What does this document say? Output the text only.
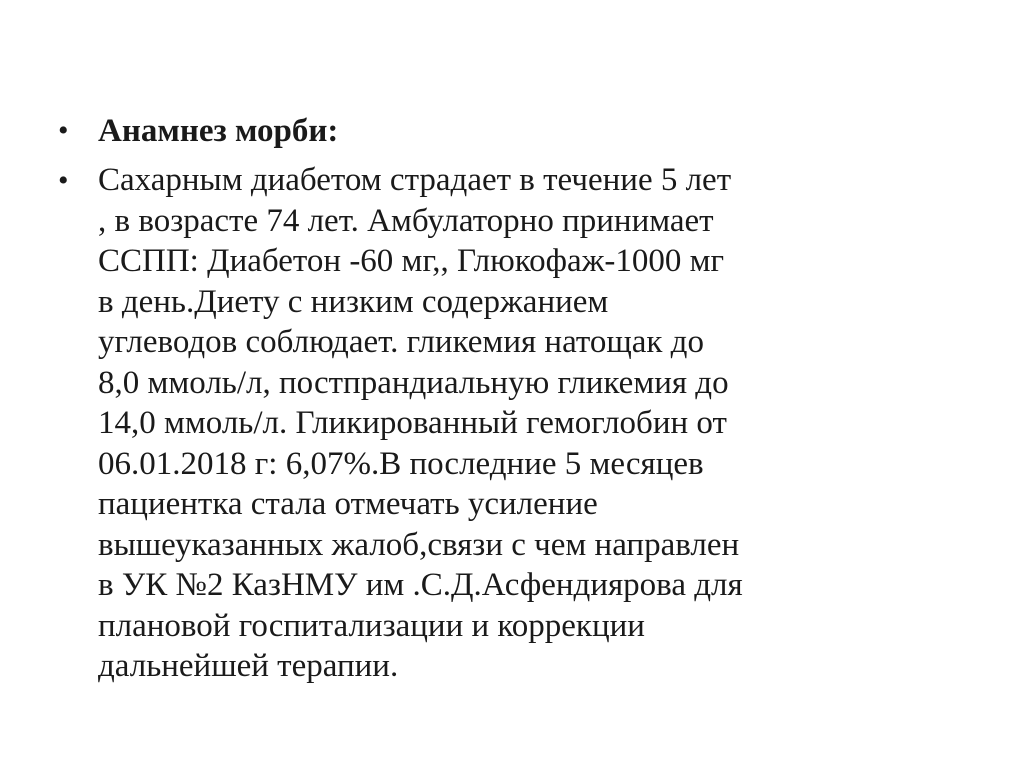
• Анамнез морби:
• Сахарным диабетом страдает в течение 5 лет
, в возрасте 74 лет. Амбулаторно принимает
ССПП: Диабетон -60 мг,, Глюкофаж-1000 мг
в день.Диету с низким содержанием
углеводов соблюдает. гликемия натощак до
8,0 ммоль/л, постпрандиальную гликемия до
14,0 ммоль/л. Гликированный гемоглобин от
06.01.2018 г: 6,07%.В последние 5 месяцев
пациентка стала отмечать усиление
вышеуказанных жалоб,связи с чем направлен
в УК №2 КазНМУ им .С.Д.Асфендиярова для
плановой госпитализации и коррекции
дальнейшей терапии.
